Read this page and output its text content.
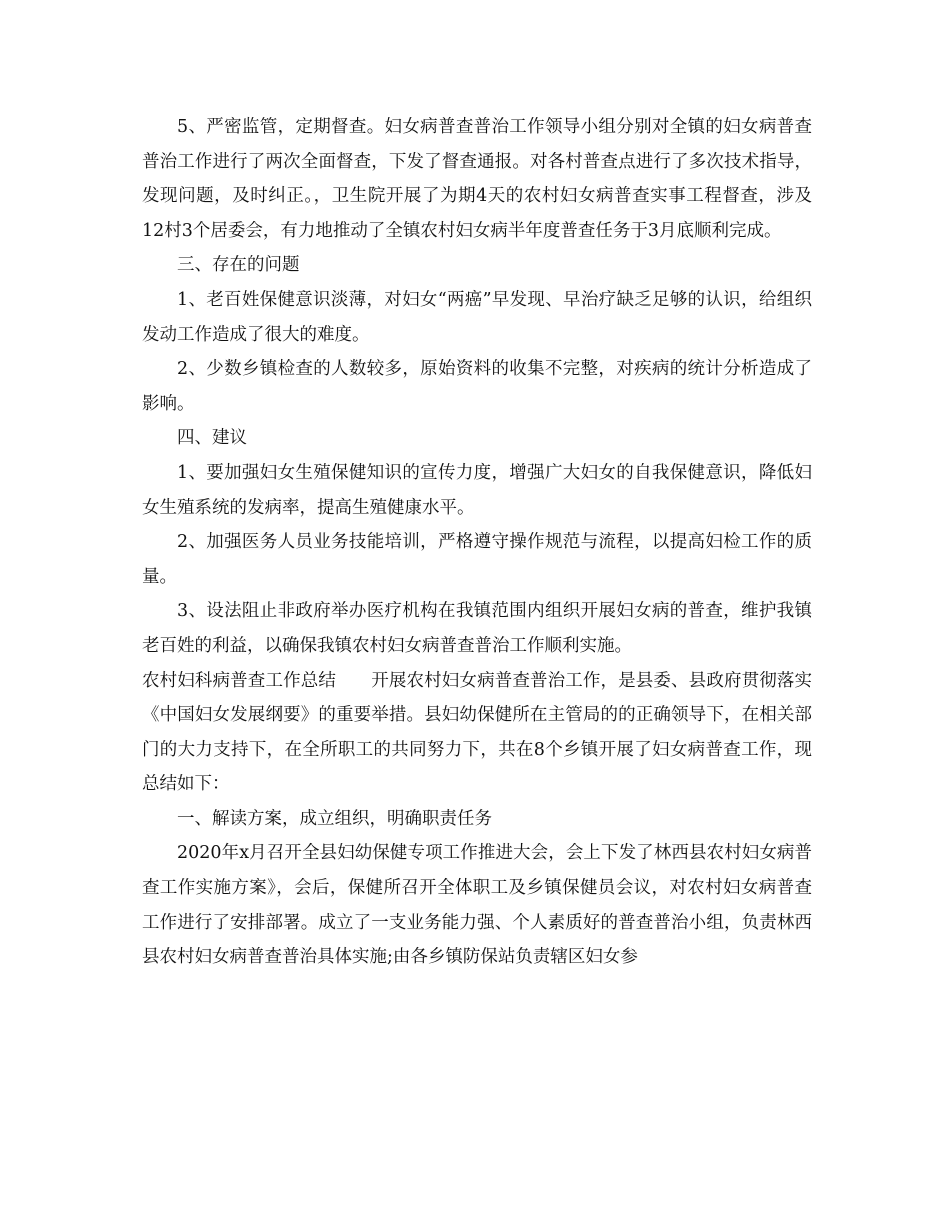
5、严密监管，定期督查。妇女病普查普治工作领导小组分别对全镇的妇女病普查普治工作进行了两次全面督查，下发了督查通报。对各村普查点进行了多次技术指导，发现问题，及时纠正。，卫生院开展了为期4天的农村妇女病普查实事工程督查，涉及12村3个居委会，有力地推动了全镇农村妇女病半年度普查任务于3月底顺利完成。

三、存在的问题

1、老百姓保健意识淡薄，对妇女“两癌”早发现、早治疗缺乏足够的认识，给组织发动工作造成了很大的难度。

2、少数乡镇检查的人数较多，原始资料的收集不完整，对疾病的统计分析造成了影响。

四、建议

1、要加强妇女生殖保健知识的宣传力度，增强广大妇女的自我保健意识，降低妇女生殖系统的发病率，提高生殖健康水平。

2、加强医务人员业务技能培训，严格遵守操作规范与流程，以提高妇检工作的质量。

3、设法阻止非政府举办医疗机构在我镇范围内组织开展妇女病的普查，维护我镇老百姓的利益，以确保我镇农村妇女病普查普治工作顺利实施。

农村妇科病普查工作总结　　开展农村妇女病普查普治工作，是县委、县政府贯彻落实《中国妇女发展纲要》的重要举措。县妇幼保健所在主管局的的正确领导下，在相关部门的大力支持下，在全所职工的共同努力下，共在8个乡镇开展了妇女病普查工作，现总结如下：

一、解读方案，成立组织，明确职责任务

2020年x月召开全县妇幼保健专项工作推进大会，会上下发了林西县农村妇女病普查工作实施方案》，会后，保健所召开全体职工及乡镇保健员会议，对农村妇女病普查工作进行了安排部署。成立了一支业务能力强、个人素质好的普查普治小组，负责林西县农村妇女病普查普治具体实施;由各乡镇防保站负责辖区妇女参
